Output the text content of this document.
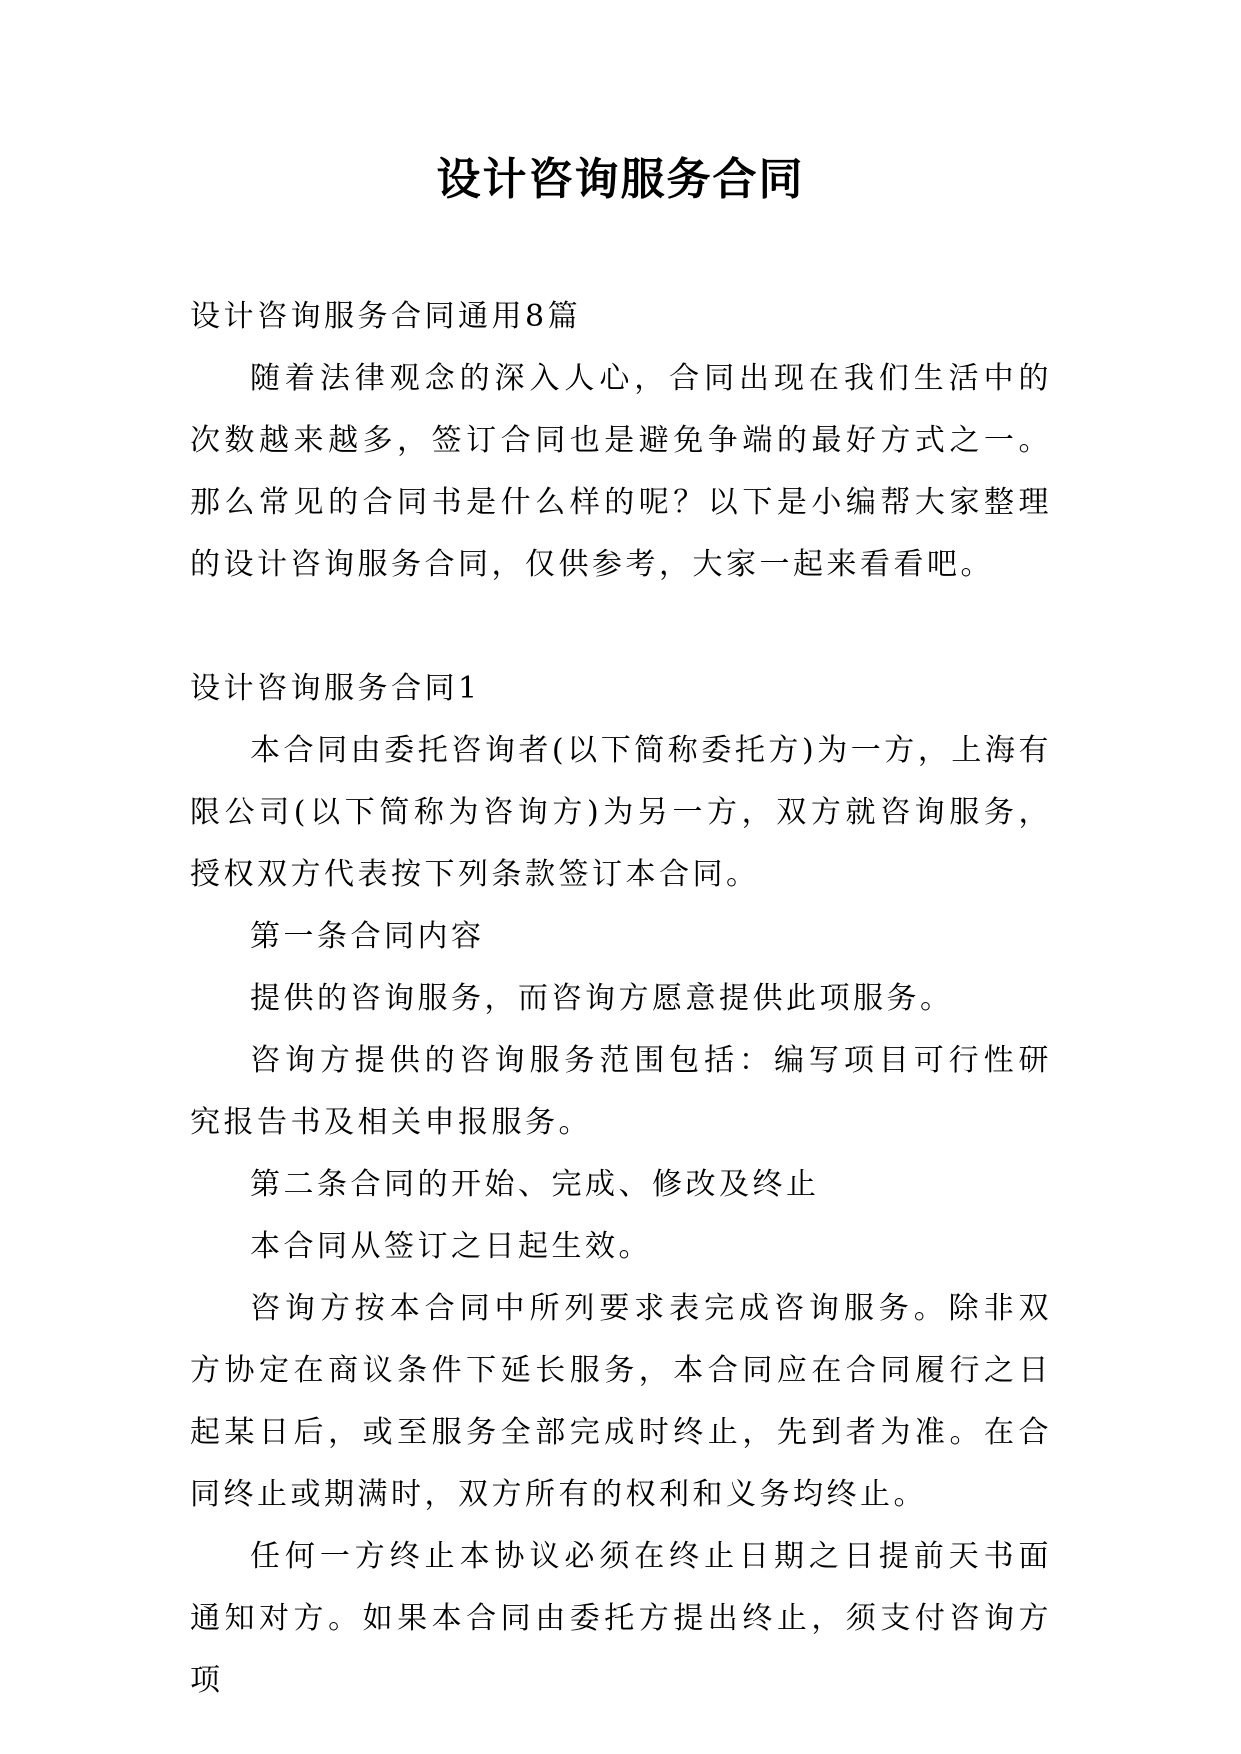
设计咨询服务合同

设计咨询服务合同通用8篇

随着法律观念的深入人心，合同出现在我们生活中的次数越来越多，签订合同也是避免争端的最好方式之一。那么常见的合同书是什么样的呢？以下是小编帮大家整理的设计咨询服务合同，仅供参考，大家一起来看看吧。

设计咨询服务合同1

本合同由委托咨询者(以下简称委托方)为一方，上海有限公司(以下简称为咨询方)为另一方，双方就咨询服务，授权双方代表按下列条款签订本合同。

第一条合同内容

提供的咨询服务，而咨询方愿意提供此项服务。

咨询方提供的咨询服务范围包括：编写项目可行性研究报告书及相关申报服务。

第二条合同的开始、完成、修改及终止

本合同从签订之日起生效。

咨询方按本合同中所列要求表完成咨询服务。除非双方协定在商议条件下延长服务，本合同应在合同履行之日起某日后，或至服务全部完成时终止，先到者为准。在合同终止或期满时，双方所有的权利和义务均终止。

任何一方终止本协议必须在终止日期之日提前天书面通知对方。如果本合同由委托方提出终止，须支付咨询方项
